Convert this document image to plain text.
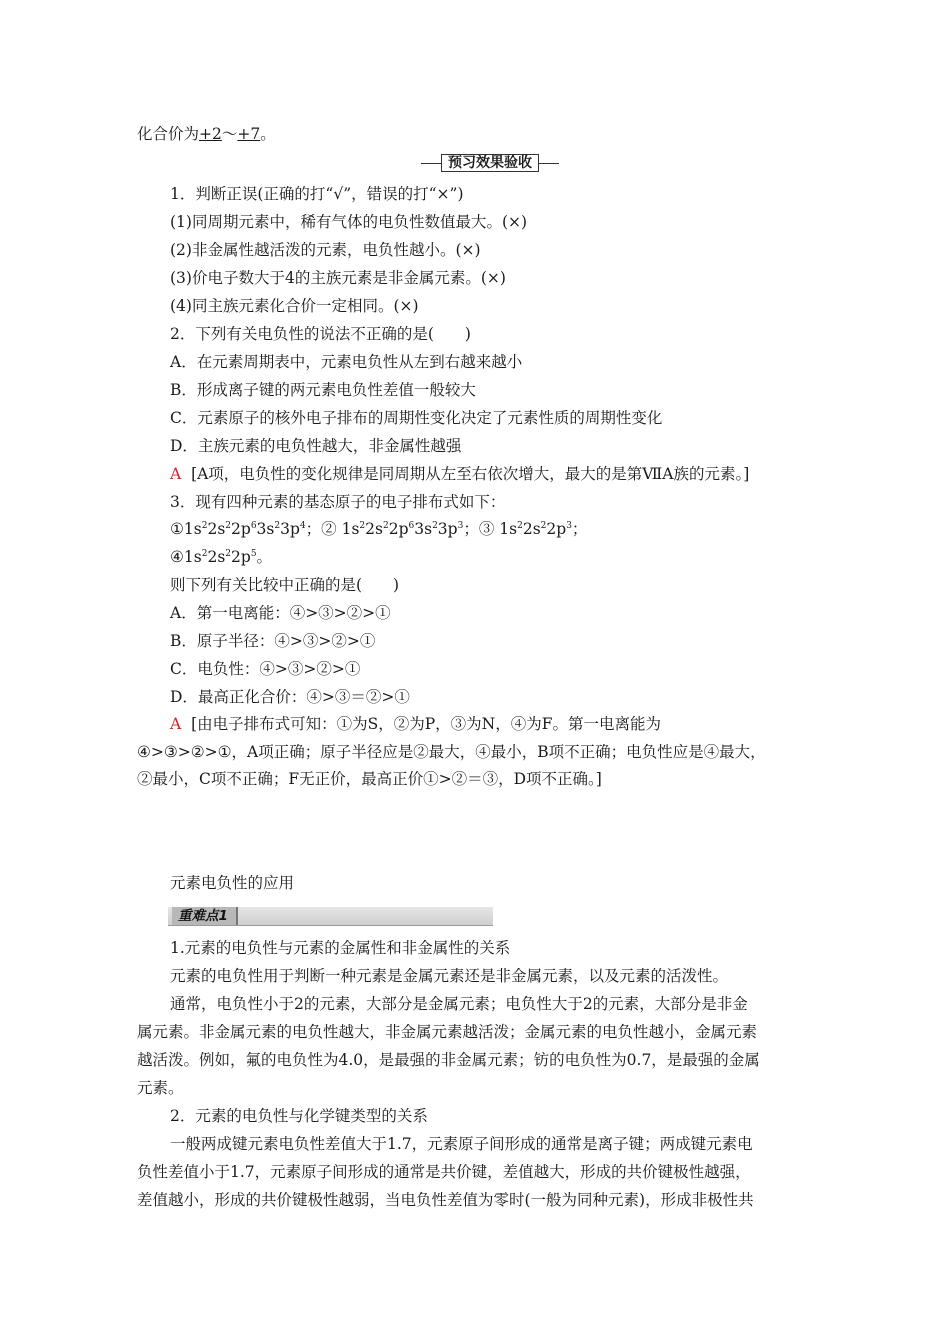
化合价为+2～+7。
预习效果验收
1．判断正误(正确的打“√”，错误的打“×”)
(1)同周期元素中，稀有气体的电负性数值最大。(×)
(2)非金属性越活泼的元素，电负性越小。(×)
(3)价电子数大于4的主族元素是非金属元素。(×)
(4)同主族元素化合价一定相同。(×)
2．下列有关电负性的说法不正确的是(　　)
A．在元素周期表中，元素电负性从左到右越来越小
B．形成离子键的两元素电负性差值一般较大
C．元素原子的核外电子排布的周期性变化决定了元素性质的周期性变化
D．主族元素的电负性越大，非金属性越强
A [A项，电负性的变化规律是同周期从左至右依次增大，最大的是第ⅦA族的元素。]
3．现有四种元素的基态原子的电子排布式如下：
$①1s^22s^22p^63s^23p^4$；② $1s^22s^22p^63s^23p^3$；③ $1s^22s^22p^3$；
$④1s^22s^22p^5$。
则下列有关比较中正确的是(　　)
A．第一电离能：④>③>②>①
B．原子半径：④>③>②>①
C．电负性：④>③>②>①
D．最高正化合价：④>③＝②>①
A [由电子排布式可知：①为S，②为P，③为N，④为F。第一电离能为
④>③>②>①，A项正确；原子半径应是②最大，④最小，B项不正确；电负性应是④最大，
②最小，C项不正确；F无正价，最高正价①>②＝③，D项不正确。]
元素电负性的应用
重难点1
1.元素的电负性与元素的金属性和非金属性的关系
元素的电负性用于判断一种元素是金属元素还是非金属元素，以及元素的活泼性。
通常，电负性小于2的元素，大部分是金属元素；电负性大于2的元素，大部分是非金
属元素。非金属元素的电负性越大，非金属元素越活泼；金属元素的电负性越小，金属元素
越活泼。例如，氟的电负性为4.0，是最强的非金属元素；钫的电负性为0.7，是最强的金属
元素。
2．元素的电负性与化学键类型的关系
一般两成键元素电负性差值大于1.7，元素原子间形成的通常是离子键；两成键元素电
负性差值小于1.7，元素原子间形成的通常是共价键，差值越大，形成的共价键极性越强，
差值越小，形成的共价键极性越弱，当电负性差值为零时(一般为同种元素)，形成非极性共
